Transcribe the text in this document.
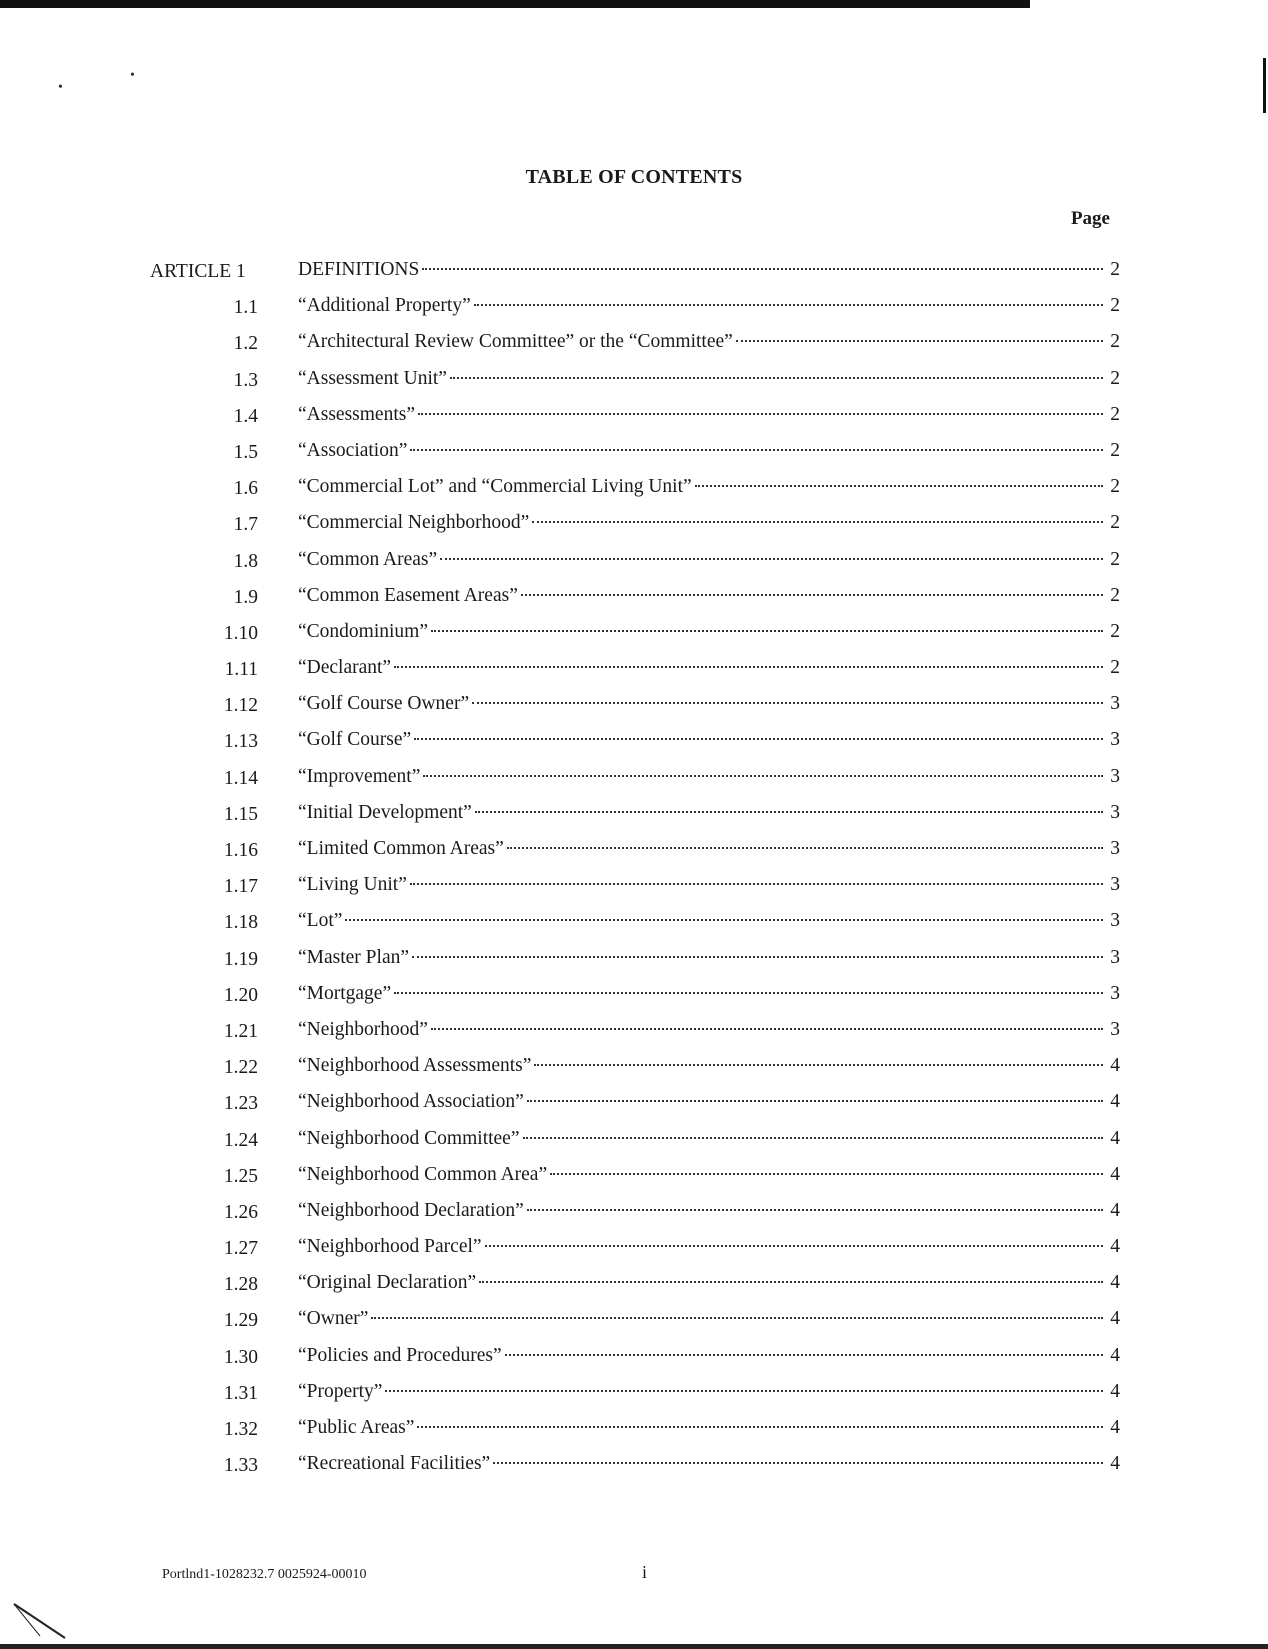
•
•
TABLE OF CONTENTS
Page
ARTICLE 1	DEFINITIONS	2
1.1 “Additional Property”	2
1.2 “Architectural Review Committee” or the “Committee”	2
1.3 “Assessment Unit”	2
1.4 “Assessments”	2
1.5 “Association”	2
1.6 “Commercial Lot” and “Commercial Living Unit”	2
1.7 “Commercial Neighborhood”	2
1.8 “Common Areas”	2
1.9 “Common Easement Areas”	2
1.10 “Condominium”	2
1.11 “Declarant”	2
1.12 “Golf Course Owner”	3
1.13 “Golf Course”	3
1.14 “Improvement”	3
1.15 “Initial Development”	3
1.16 “Limited Common Areas”	3
1.17 “Living Unit”	3
1.18 “Lot”	3
1.19 “Master Plan”	3
1.20 “Mortgage”	3
1.21 “Neighborhood”	3
1.22 “Neighborhood Assessments”	4
1.23 “Neighborhood Association”	4
1.24 “Neighborhood Committee”	4
1.25 “Neighborhood Common Area”	4
1.26 “Neighborhood Declaration”	4
1.27 “Neighborhood Parcel”	4
1.28 “Original Declaration”	4
1.29 “Owner”	4
1.30 “Policies and Procedures”	4
1.31 “Property”	4
1.32 “Public Areas”	4
1.33 “Recreational Facilities”	4
Portlnd1-1028232.7 0025924-00010	i
